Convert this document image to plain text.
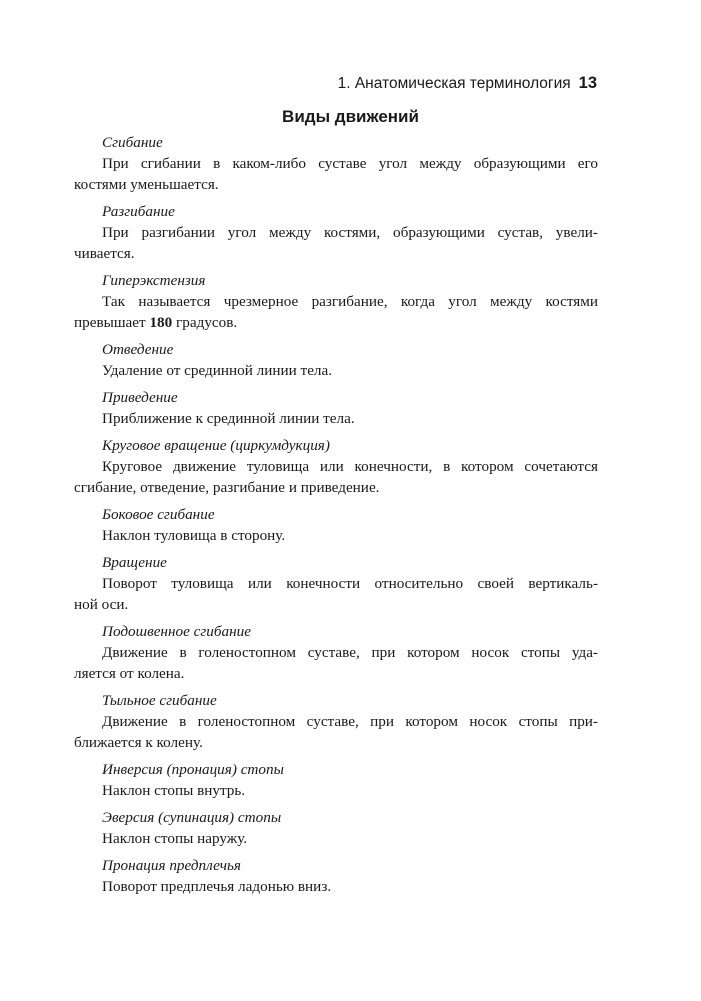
1. Анатомическая терминология 13
Виды движений
Сгибание
При сгибании в каком-либо суставе угол между образующими его
костями уменьшается.
Разгибание
При разгибании угол между костями, образующими сустав, увели-
чивается.
Гиперэкстензия
Так называется чрезмерное разгибание, когда угол между костями
превышает 180 градусов.
Отведение
Удаление от срединной линии тела.
Приведение
Приближение к срединной линии тела.
Круговое вращение (циркумдукция)
Круговое движение туловища или конечности, в котором сочетаются
сгибание, отведение, разгибание и приведение.
Боковое сгибание
Наклон туловища в сторону.
Вращение
Поворот туловища или конечности относительно своей вертикаль-
ной оси.
Подошвенное сгибание
Движение в голеностопном суставе, при котором носок стопы уда-
ляется от колена.
Тыльное сгибание
Движение в голеностопном суставе, при котором носок стопы при-
ближается к колену.
Инверсия (пронация) стопы
Наклон стопы внутрь.
Эверсия (супинация) стопы
Наклон стопы наружу.
Пронация предплечья
Поворот предплечья ладонью вниз.
